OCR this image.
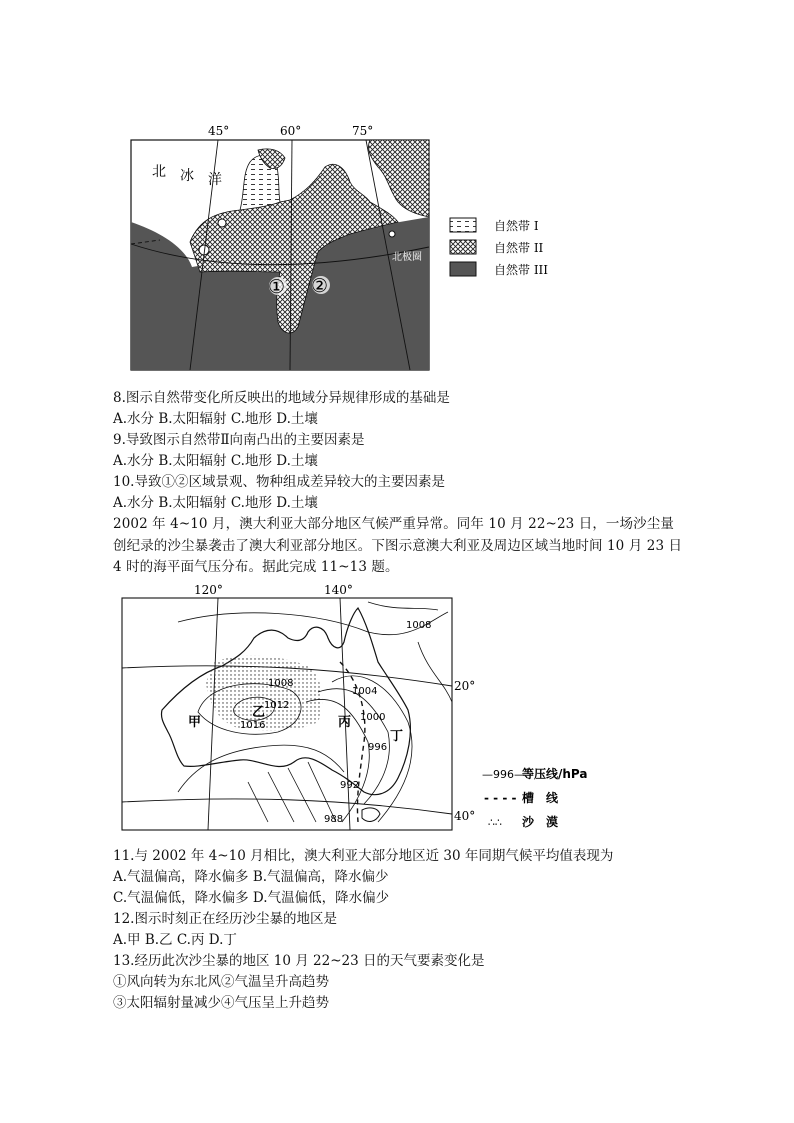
45°	60°	75°
北 冰 洋
北极圈
① ②
自然带 I
自然带 II
自然带 III
8.图示自然带变化所反映出的地域分异规律形成的基础是
A.水分 B.太阳辐射 C.地形 D.土壤
9.导致图示自然带Ⅱ向南凸出的主要因素是
A.水分 B.太阳辐射 C.地形 D.土壤
10.导致①②区域景观、物种组成差异较大的主要因素是
A.水分 B.太阳辐射 C.地形 D.土壤
2002 年 4~10 月，澳大利亚大部分地区气候严重异常。同年 10 月 22~23 日，一场沙尘量创纪录的沙尘暴袭击了澳大利亚部分地区。下图示意澳大利亚及周边区域当地时间 10 月 23 日 4 时的海平面气压分布。据此完成 11~13 题。
120°	140°
20°
40°
1008
1008
1012
1016
1004
1000
996
992
988
甲
乙
丙
丁
—996—
等压线/hPa
- - - - 槽　线
∴∴ 沙　漠
11.与 2002 年 4~10 月相比，澳大利亚大部分地区近 30 年同期气候平均值表现为
A.气温偏高，降水偏多 B.气温偏高，降水偏少
C.气温偏低，降水偏多 D.气温偏低，降水偏少
12.图示时刻正在经历沙尘暴的地区是
A.甲 B.乙 C.丙 D.丁
13.经历此次沙尘暴的地区 10 月 22~23 日的天气要素变化是
①风向转为东北风②气温呈升高趋势
③太阳辐射量减少④气压呈上升趋势
